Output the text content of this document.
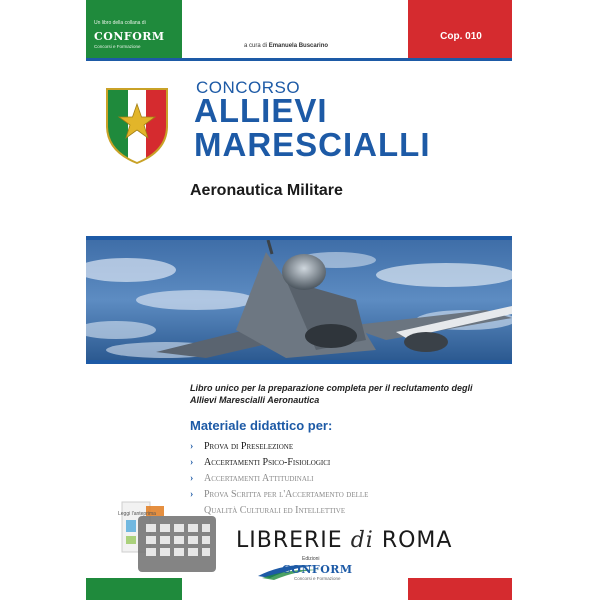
Un libro della collana di
CONFORM
Concorsi e Formazione	a cura di Emanuela Buscarino
Cop. 010
CONCORSO
ALLIEVI
MARESCIALLI
Aeronautica Militare
Libro unico per la preparazione completa per il reclutamento degli Allievi Marescialli Aeronautica
Materiale didattico per:
› Prova di Preselezione
› Accertamenti Psico-Fisiologici
› Accertamenti Attitudinali
› Prova Scritta per l'Accertamento delle
Qualità Culturali ed Intellettive
LIBRERIE di ROMA
Edizioni
CONFORM
Concorsi e Formazione
Leggi l'anteprima
